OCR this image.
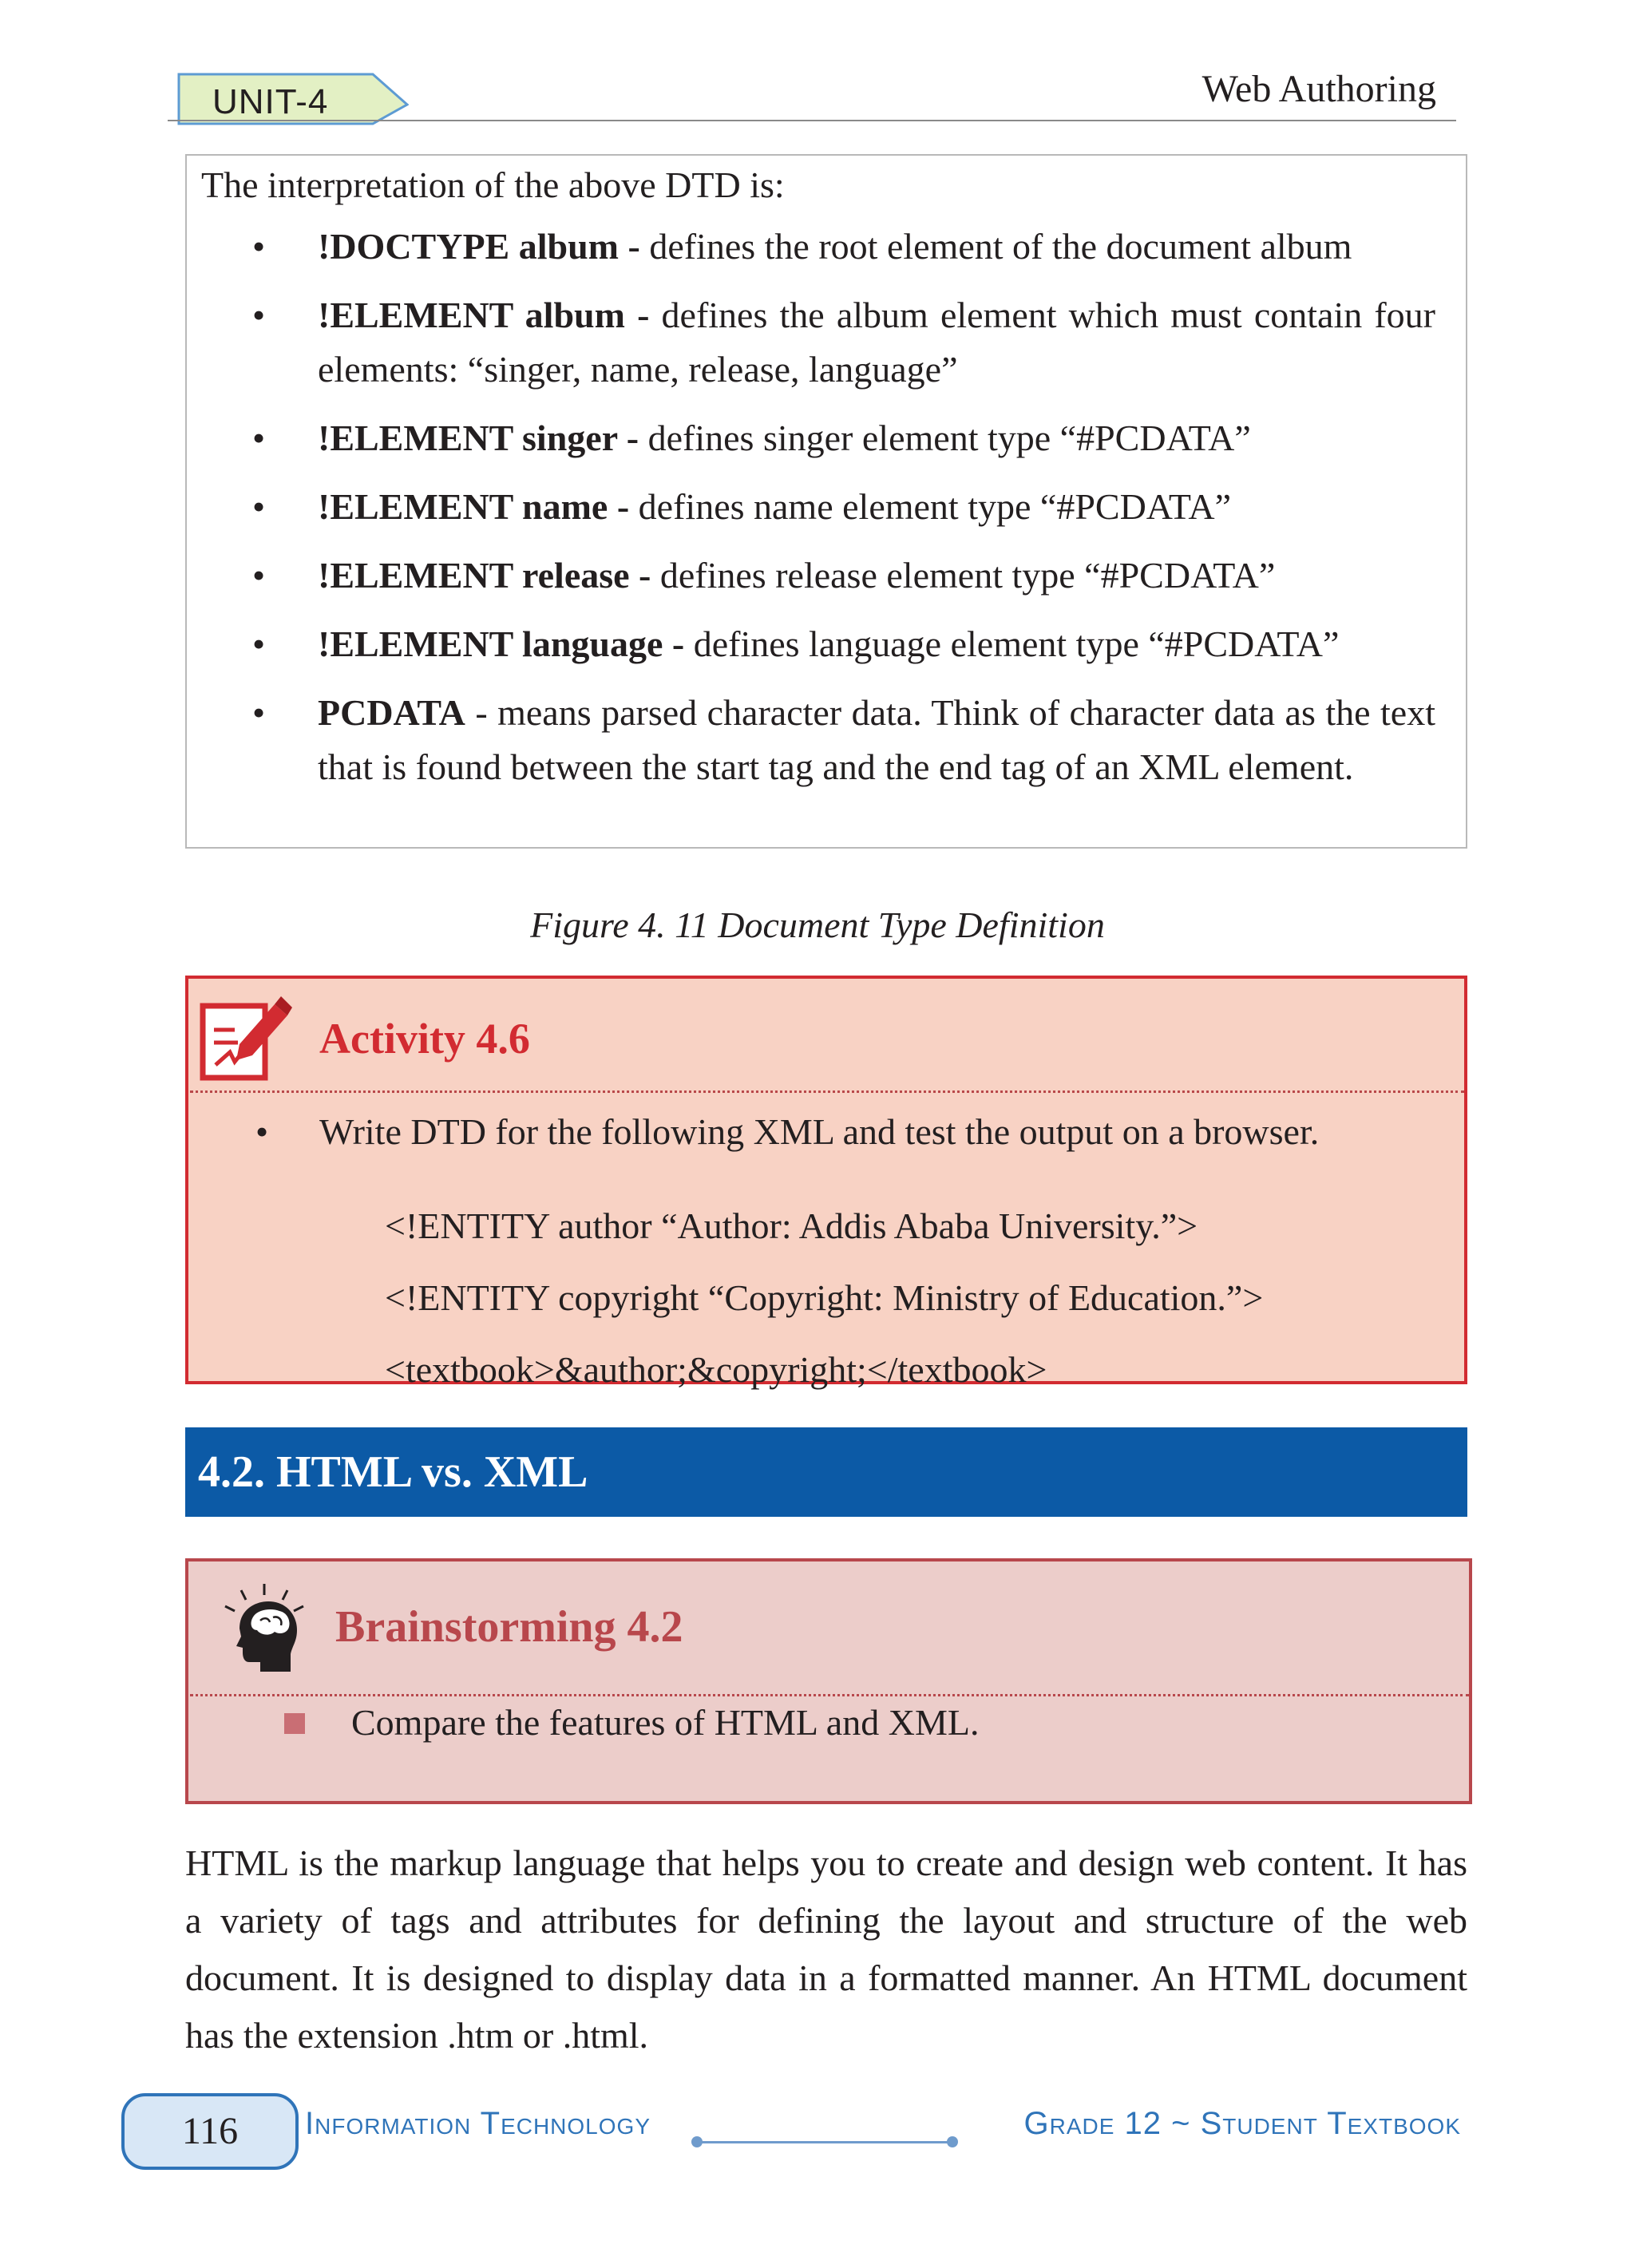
UNIT-4	Web Authoring
The interpretation of the above DTD is:
• !DOCTYPE album - defines the root element of the document album
• !ELEMENT album - defines the album element which must contain four elements: “singer, name, release, language”
• !ELEMENT singer - defines singer element type “#PCDATA”
• !ELEMENT name - defines name element type “#PCDATA”
• !ELEMENT release - defines release element type “#PCDATA”
• !ELEMENT language - defines language element type “#PCDATA”
• PCDATA - means parsed character data. Think of character data as the text that is found between the start tag and the end tag of an XML element.
Figure 4. 11 Document Type Definition
Activity 4.6
• Write DTD for the following XML and test the output on a browser.
<!ENTITY author “Author: Addis Ababa University.”>
<!ENTITY copyright “Copyright: Ministry of Education.”>
<textbook>&author;&copyright;</textbook>
4.2. HTML vs. XML
Brainstorming 4.2
Compare the features of HTML and XML.
HTML is the markup language that helps you to create and design web content. It has a variety of tags and attributes for defining the layout and structure of the web document. It is designed to display data in a formatted manner. An HTML document has the extension .htm or .html.
116	Information Technology	Grade 12 ~ Student Textbook
